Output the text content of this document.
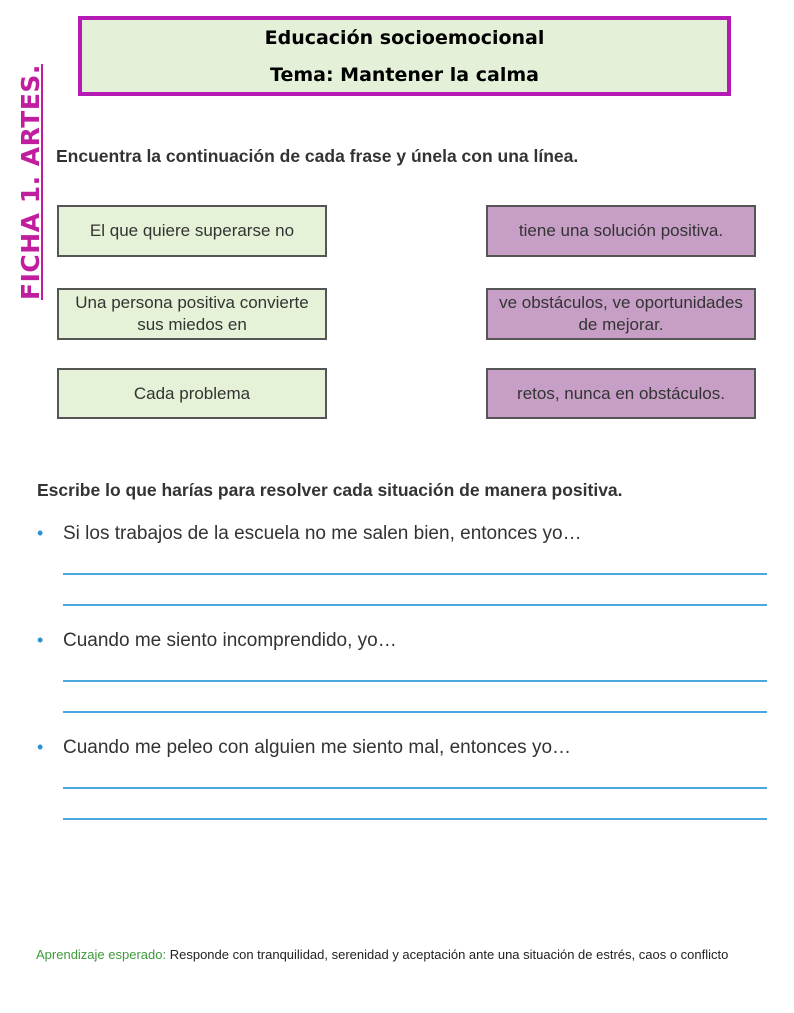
Educación socioemocional
Tema: Mantener la calma
FICHA 1. ARTES. Encuentra la continuación de cada frase y únela con una línea.
El que quiere superarse no
Una persona positiva convierte sus miedos en
Cada problema
tiene una solución positiva.
ve obstáculos, ve oportunidades de mejorar.
retos, nunca en obstáculos.
Escribe lo que harías para resolver cada situación de manera positiva.
• Si los trabajos de la escuela no me salen bien, entonces yo…
• Cuando me siento incomprendido, yo…
• Cuando me peleo con alguien me siento mal, entonces yo…
Aprendizaje esperado: Responde con tranquilidad, serenidad y aceptación ante una situación de estrés, caos o conflicto
